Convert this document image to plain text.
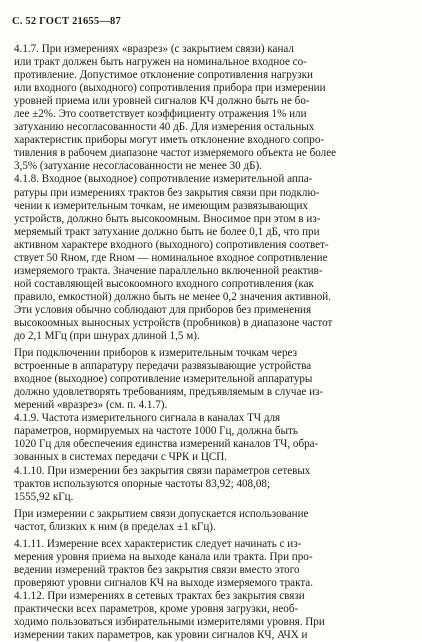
С. 52 ГОСТ 21655—87

4.1.7. При измерениях «вразрез» (с закрытием связи) канал
или тракт должен быть нагружен на номинальное входное со-
противление. Допустимое отклонение сопротивления нагрузки
или входного (выходного) сопротивления прибора при измерении
уровней приема или уровней сигналов КЧ должно быть не бо-
лее ±2%. Это соответствует коэффициенту отражения 1% или
затуханию несогласованности 40 дБ. Для измерения остальных
характеристик приборы могут иметь отклонение входного сопро-
тивления в рабочем диапазоне частот измеряемого объекта не более
3,5% (затухание несогласованности не менее 30 дБ).

4.1.8. Входное (выходное) сопротивление измерительной аппа-
ратуры при измерениях трактов без закрытия связи при подклю-
чении к измерительным точкам, не имеющим развязывающих
устройств, должно быть высокоомным. Вносимое при этом в из-
меряемый тракт затухание должно быть не более 0,1 дБ, что при
активном характере входного (выходного) сопротивления соответ-
ствует 50 Rном, где Rном — номинальное входное сопротивление
измеряемого тракта. Значение параллельно включенной реактив-
ной составляющей высокоомного входного сопротивления (как
правило, емкостной) должно быть не менее 0,2 значения активной.
Эти условия обычно соблюдают для приборов без применения
высокоомных выносных устройств (пробников) в диапазоне частот
до 2,1 МГц (при шнурах длиной 1,5 м).

При подключении приборов к измерительным точкам через
встроенные в аппаратуру передачи развязывающие устройства
входное (выходное) сопротивление измерительной аппаратуры
должно удовлетворять требованиям, предъявляемым в случае из-
мерений «вразрез» (см. п. 4.1.7).

4.1.9. Частота измерительного сигнала в каналах ТЧ для
параметров, нормируемых на частоте 1000 Гц, должна быть
1020 Гц для обеспечения единства измерений каналов ТЧ, обра-
зованных в системах передачи с ЧРК и ЦСП.

4.1.10. При измерении без закрытия связи параметров сетевых
трактов используются опорные частоты 83,92; 408,08;
1555,92 кГц.

При измерении с закрытием связи допускается использование
частот, близких к ним (в пределах ±1 кГц).

4.1.11. Измерение всех характеристик следует начинать с из-
мерения уровня приема на выходе канала или тракта. При про-
ведении измерений трактов без закрытия связи вместо этого
проверяют уровни сигналов КЧ на выходе измеряемого тракта.

4.1.12. При измерениях в сетевых трактах без закрытия связи
практически всех параметров, кроме уровня загрузки, необ-
ходимо пользоваться избирательными измерителями уровня. При
измерении таких параметров, как уровни сигналов КЧ, АЧХ и
